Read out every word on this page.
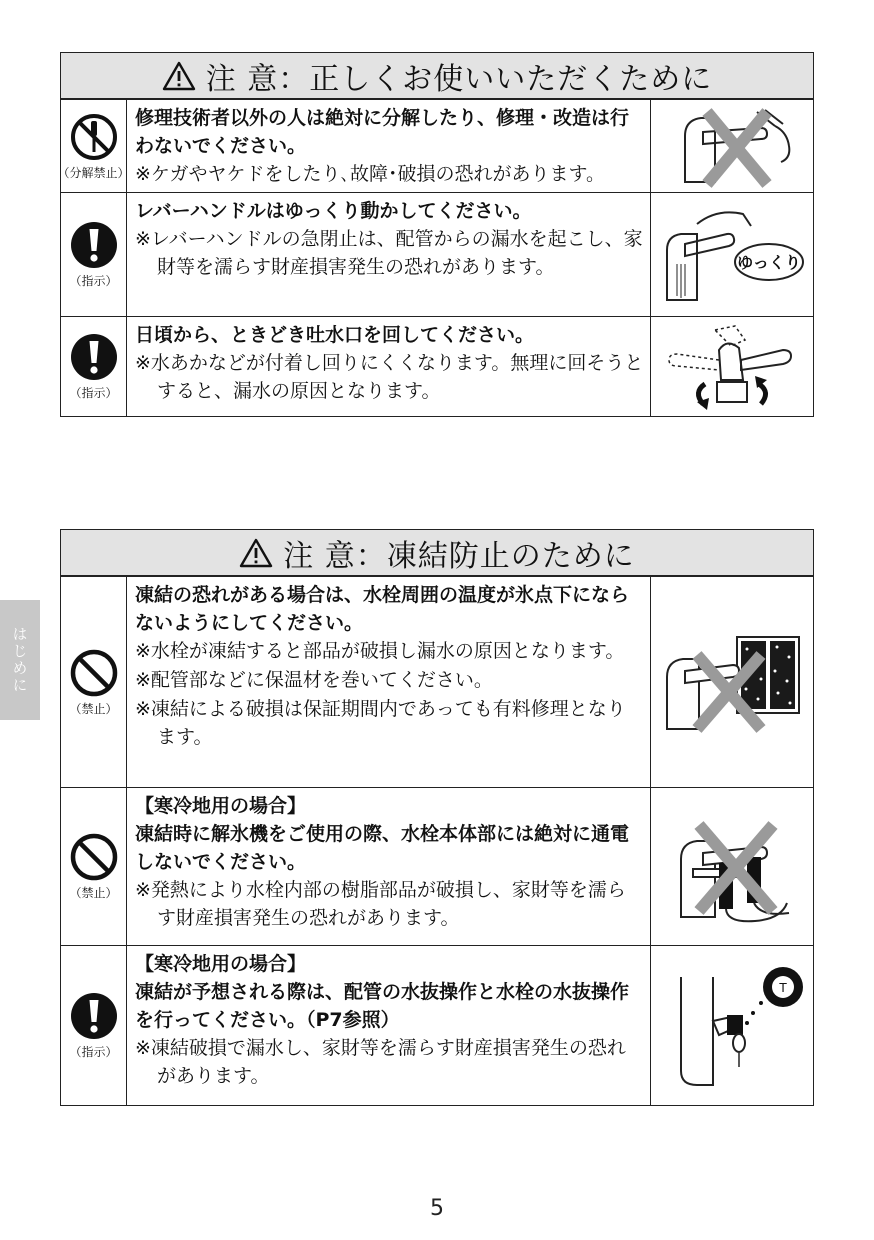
注 意：正しくお使いいただくために
（分解禁止）
修理技術者以外の人は絶対に分解したり、修理・改造は行わないでください。
※ケガやヤケドをしたり､故障･破損の恐れがあります。
（指示）
レバーハンドルはゆっくり動かしてください。
※レバーハンドルの急閉止は、配管からの漏水を起こし、家財等を濡らす財産損害発生の恐れがあります。	ゆっくり
（指示）
日頃から、ときどき吐水口を回してください。
※水あかなどが付着し回りにくくなります。無理に回そうとすると、漏水の原因となります。
注 意：凍結防止のために
（禁止）
凍結の恐れがある場合は、水栓周囲の温度が氷点下にならないようにしてください。
※水栓が凍結すると部品が破損し漏水の原因となります。
※配管部などに保温材を巻いてください。
※凍結による破損は保証期間内であっても有料修理となります。
（禁止）
【寒冷地用の場合】
凍結時に解氷機をご使用の際、水栓本体部には絶対に通電しないでください。
※発熱により水栓内部の樹脂部品が破損し、家財等を濡らす財産損害発生の恐れがあります。
（指示）
【寒冷地用の場合】
凍結が予想される際は、配管の水抜操作と水栓の水抜操作を行ってください。（P7参照）
※凍結破損で漏水し、家財等を濡らす財産損害発生の恐れがあります。
T
はじめに
5
